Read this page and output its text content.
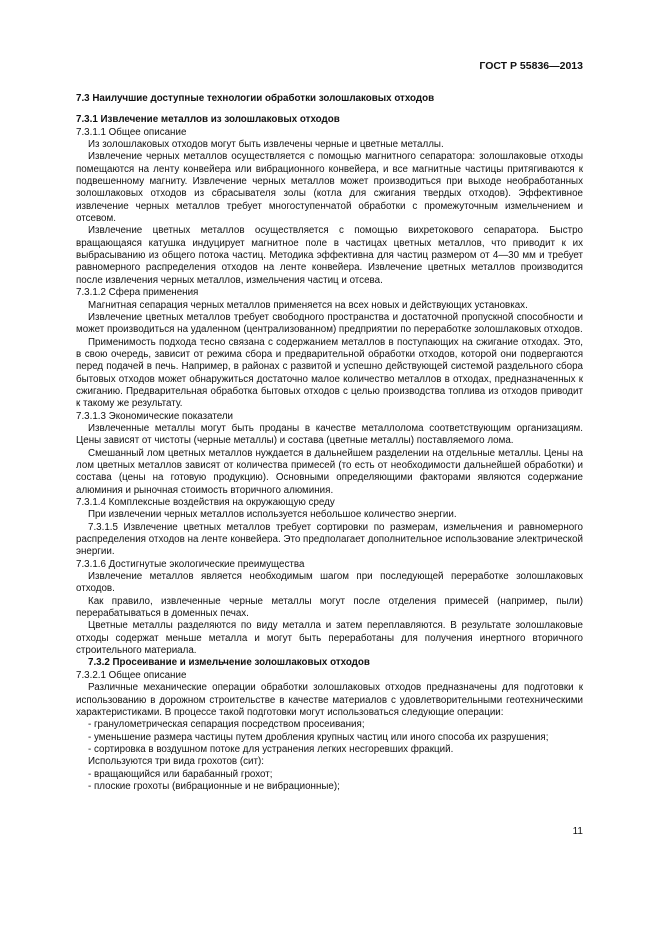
ГОСТ Р 55836—2013
7.3 Наилучшие доступные технологии обработки золошлаковых отходов
7.3.1 Извлечение металлов из золошлаковых отходов

7.3.1.1 Общее описание

Из золошлаковых отходов могут быть извлечены черные и цветные металлы.

Извлечение черных металлов осуществляется с помощью магнитного сепаратора: золошлаковые отходы помещаются на ленту конвейера или вибрационного конвейера, и все магнитные частицы притягиваются к подвешенному магниту. Извлечение черных металлов может производиться при выходе необработанных золошлаковых отходов из сбрасывателя золы (котла для сжигания твердых отходов). Эффективное извлечение черных металлов требует многоступенчатой обработки с промежуточным измельчением и отсевом.

Извлечение цветных металлов осуществляется с помощью вихретокового сепаратора. Быстро вращающаяся катушка индуцирует магнитное поле в частицах цветных металлов, что приводит к их выбрасыванию из общего потока частиц. Методика эффективна для частиц размером от 4—30 мм и требует равномерного распределения отходов на ленте конвейера. Извлечение цветных металлов производится после извлечения черных металлов, измельчения частиц и отсева.

7.3.1.2 Сфера применения

Магнитная сепарация черных металлов применяется на всех новых и действующих установках.

Извлечение цветных металлов требует свободного пространства и достаточной пропускной способности и может производиться на удаленном (централизованном) предприятии по переработке золошлаковых отходов.

Применимость подхода тесно связана с содержанием металлов в поступающих на сжигание отходах. Это, в свою очередь, зависит от режима сбора и предварительной обработки отходов, которой они подвергаются перед подачей в печь. Например, в районах с развитой и успешно действующей системой раздельного сбора бытовых отходов может обнаружиться достаточно малое количество металлов в отходах, предназначенных к сжиганию. Предварительная обработка бытовых отходов с целью производства топлива из отходов приводит к такому же результату.

7.3.1.3 Экономические показатели

Извлеченные металлы могут быть проданы в качестве металлолома соответствующим организациям. Цены зависят от чистоты (черные металлы) и состава (цветные металлы) поставляемого лома.

Смешанный лом цветных металлов нуждается в дальнейшем разделении на отдельные металлы. Цены на лом цветных металлов зависят от количества примесей (то есть от необходимости дальнейшей обработки) и состава (цены на готовую продукцию). Основными определяющими факторами являются содержание алюминия и рыночная стоимость вторичного алюминия.

7.3.1.4 Комплексные воздействия на окружающую среду

При извлечении черных металлов используется небольшое количество энергии.

7.3.1.5 Извлечение цветных металлов требует сортировки по размерам, измельчения и равномерного распределения отходов на ленте конвейера. Это предполагает дополнительное использование электрической энергии.

7.3.1.6 Достигнутые экологические преимущества

Извлечение металлов является необходимым шагом при последующей переработке золошлаковых отходов.

Как правило, извлеченные черные металлы могут после отделения примесей (например, пыли) перерабатываться в доменных печах.

Цветные металлы разделяются по виду металла и затем переплавляются. В результате золошлаковые отходы содержат меньше металла и могут быть переработаны для получения инертного вторичного строительного материала.

7.3.2 Просеивание и измельчение золошлаковых отходов

7.3.2.1 Общее описание

Различные механические операции обработки золошлаковых отходов предназначены для подготовки к использованию в дорожном строительстве в качестве материалов с удовлетворительными геотехническими характеристиками. В процессе такой подготовки могут использоваться следующие операции:

- гранулометрическая сепарация посредством просеивания;

- уменьшение размера частицы путем дробления крупных частиц или иного способа их разрушения;

- сортировка в воздушном потоке для устранения легких несгоревших фракций.

Используются три вида грохотов (сит):

- вращающийся или барабанный грохот;

- плоские грохоты (вибрационные и не вибрационные);

11
